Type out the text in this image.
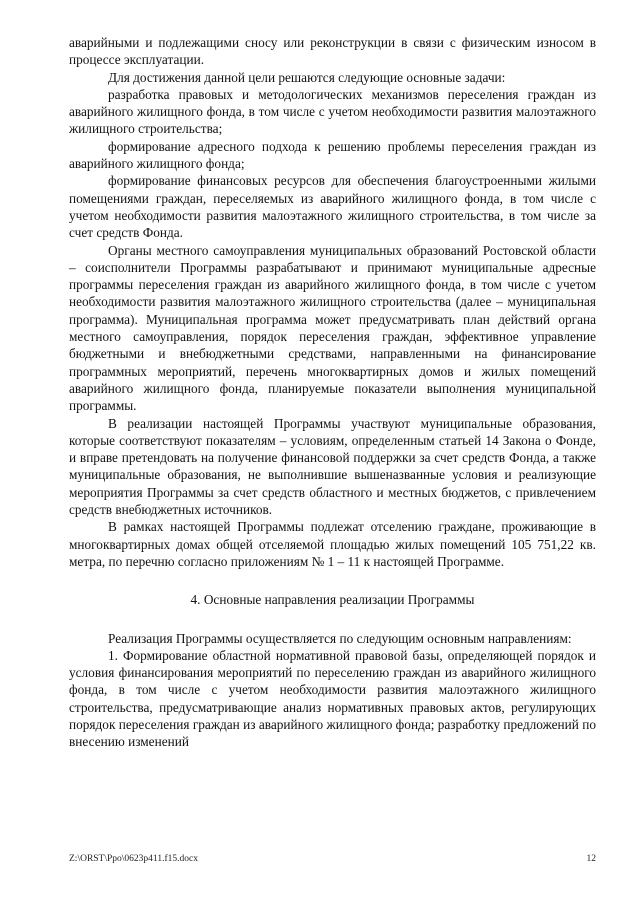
аварийными и подлежащими сносу или реконструкции в связи с физическим износом в процессе эксплуатации.

Для достижения данной цели решаются следующие основные задачи:

разработка правовых и методологических механизмов переселения граждан из аварийного жилищного фонда, в том числе с учетом необходимости развития малоэтажного жилищного строительства;

формирование адресного подхода к решению проблемы переселения граждан из аварийного жилищного фонда;

формирование финансовых ресурсов для обеспечения благоустроенными жилыми помещениями граждан, переселяемых из аварийного жилищного фонда, в том числе с учетом необходимости развития малоэтажного жилищного строительства, в том числе за счет средств Фонда.

Органы местного самоуправления муниципальных образований Ростовской области – соисполнители Программы разрабатывают и принимают муниципальные адресные программы переселения граждан из аварийного жилищного фонда, в том числе с учетом необходимости развития малоэтажного жилищного строительства (далее – муниципальная программа). Муниципальная программа может предусматривать план действий органа местного самоуправления, порядок переселения граждан, эффективное управление бюджетными и внебюджетными средствами, направленными на финансирование программных мероприятий, перечень многоквартирных домов и жилых помещений аварийного жилищного фонда, планируемые показатели выполнения муниципальной программы.

В реализации настоящей Программы участвуют муниципальные образования, которые соответствуют показателям – условиям, определенным статьей 14 Закона о Фонде, и вправе претендовать на получение финансовой поддержки за счет средств Фонда, а также муниципальные образования, не выполнившие вышеназванные условия и реализующие мероприятия Программы за счет средств областного и местных бюджетов, с привлечением средств внебюджетных источников.

В рамках настоящей Программы подлежат отселению граждане, проживающие в многоквартирных домах общей отселяемой площадью жилых помещений 105 751,22 кв. метра, по перечню согласно приложениям № 1 – 11 к настоящей Программе.

4. Основные направления реализации Программы

Реализация Программы осуществляется по следующим основным направлениям:

1. Формирование областной нормативной правовой базы, определяющей порядок и условия финансирования мероприятий по переселению граждан из аварийного жилищного фонда, в том числе с учетом необходимости развития малоэтажного жилищного строительства, предусматривающие анализ нормативных правовых актов, регулирующих порядок переселения граждан из аварийного жилищного фонда; разработку предложений по внесению изменений

Z:\ORST\Ppo\0623p411.f15.docx	12
